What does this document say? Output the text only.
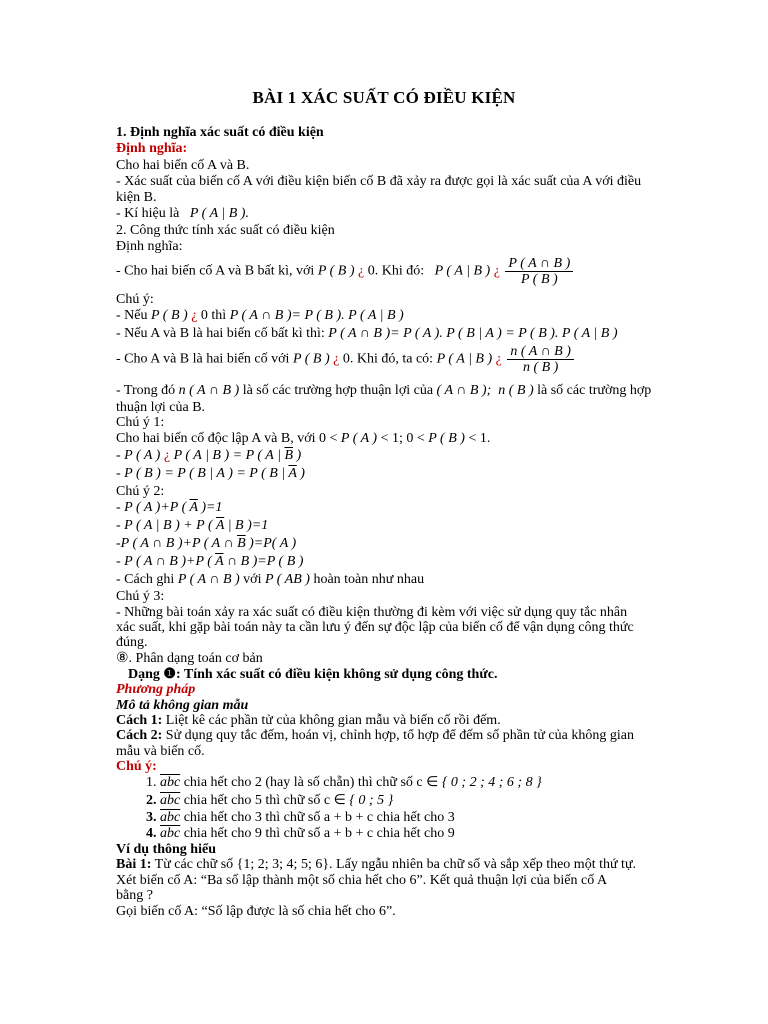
BÀI 1 XÁC SUẤT CÓ ĐIỀU KIỆN
1. Định nghĩa xác suất có điều kiện
Định nghĩa:
Cho hai biến cố A và B.
- Xác suất của biến cố A với điều kiện biến cố B đã xảy ra được gọi là xác suất của A với điều
kiện B.
- Kí hiệu là   P ( A | B ).
2. Công thức tính xác suất có điều kiện
Định nghĩa:
- Cho hai biến cố A và B bất kì, với P ( B ) ¿ 0. Khi đó:   P ( A | B ) ¿ $\frac{P ( A \cap B )}{P ( B )}$
Chú ý:
- Nếu P ( B ) ¿ 0 thì P ( A ∩ B )= P ( B ). P ( A | B )
- Nếu A và B là hai biến cố bất kì thì: P ( A ∩ B )= P ( A ). P ( B | A ) = P ( B ). P ( A | B )
- Cho A và B là hai biến cố với P ( B ) ¿ 0. Khi đó, ta có: P ( A | B ) ¿ $\frac{n ( A \cap B )}{n ( B )}$
- Trong đó n ( A ∩ B ) là số các trường hợp thuận lợi của ( A ∩ B );  n ( B ) là số các trường hợp
thuận lợi của B.
Chú ý 1:
Cho hai biến cố độc lập A và B, với 0 < P ( A ) < 1; 0 < P ( B ) < 1.
- P ( A ) ¿ P ( A | B ) = P ( A | $\overline{B}$ )
- P ( B ) = P ( B | A ) = P ( B | $\overline{A}$ )
Chú ý 2:
- P ( A )+P ( $\overline{A}$ )=1
- P ( A | B ) + P ( $\overline{A}$ | B )=1
-P ( A ∩ B )+P ( A ∩ $\overline{B}$ )=P( A )
- P ( A ∩ B )+P ( $\overline{A}$ ∩ B )=P ( B )
- Cách ghi P ( A ∩ B ) với P ( AB ) hoàn toàn như nhau
Chú ý 3:
- Những bài toán xảy ra xác suất có điều kiện thường đi kèm với việc sử dụng quy tắc nhân
xác suất, khi gặp bài toán này ta cần lưu ý đến sự độc lập của biến cố để vận dụng công thức
đúng.
⑧. Phân dạng toán cơ bản
Dạng ❶: Tính xác suất có điều kiện không sử dụng công thức.
Phương pháp
Mô tả không gian mẫu
Cách 1: Liệt kê các phần tử của không gian mẫu và biến cố rồi đếm.
Cách 2: Sử dụng quy tắc đếm, hoán vị, chỉnh hợp, tổ hợp để đếm số phần tử của không gian
mẫu và biến cố.
Chú ý:
1. $\overline{abc}$ chia hết cho 2 (hay là số chẵn) thì chữ số c ∈ { 0 ; 2 ; 4 ; 6 ; 8 }
2. $\overline{abc}$ chia hết cho 5 thì chữ số c ∈ { 0 ; 5 }
3. $\overline{abc}$ chia hết cho 3 thì chữ số a + b + c chia hết cho 3
4. $\overline{abc}$ chia hết cho 9 thì chữ số a + b + c chia hết cho 9
Ví dụ thông hiểu
Bài 1: Từ các chữ số {1; 2; 3; 4; 5; 6}. Lấy ngẫu nhiên ba chữ số và sắp xếp theo một thứ tự.
Xét biến cố A: “Ba số lập thành một số chia hết cho 6”. Kết quả thuận lợi của biến cố A
bằng ?
Gọi biến cố A: “Số lập được là số chia hết cho 6”.
